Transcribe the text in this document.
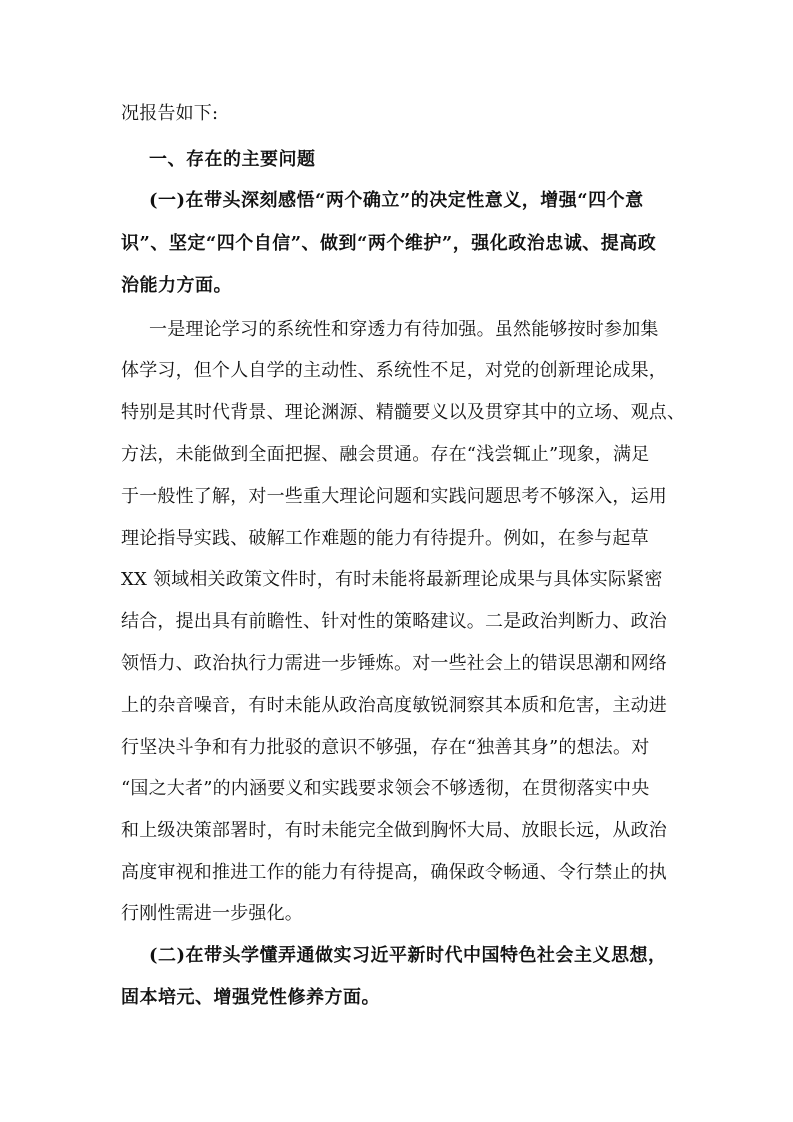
况报告如下:
一、存在的主要问题
(一)在带头深刻感悟“两个确立”的决定性意义，增强“四个意
识”、坚定“四个自信”、做到“两个维护”，强化政治忠诚、提高政
治能力方面。
一是理论学习的系统性和穿透力有待加强。虽然能够按时参加集
体学习，但个人自学的主动性、系统性不足，对党的创新理论成果，
特别是其时代背景、理论渊源、精髓要义以及贯穿其中的立场、观点、
方法，未能做到全面把握、融会贯通。存在“浅尝辄止”现象，满足
于一般性了解，对一些重大理论问题和实践问题思考不够深入，运用
理论指导实践、破解工作难题的能力有待提升。例如，在参与起草
XX 领域相关政策文件时，有时未能将最新理论成果与具体实际紧密
结合，提出具有前瞻性、针对性的策略建议。二是政治判断力、政治
领悟力、政治执行力需进一步锤炼。对一些社会上的错误思潮和网络
上的杂音噪音，有时未能从政治高度敏锐洞察其本质和危害，主动进
行坚决斗争和有力批驳的意识不够强，存在“独善其身”的想法。对
“国之大者”的内涵要义和实践要求领会不够透彻，在贯彻落实中央
和上级决策部署时，有时未能完全做到胸怀大局、放眼长远，从政治
高度审视和推进工作的能力有待提高，确保政令畅通、令行禁止的执
行刚性需进一步强化。
(二)在带头学懂弄通做实习近平新时代中国特色社会主义思想，
固本培元、增强党性修养方面。
